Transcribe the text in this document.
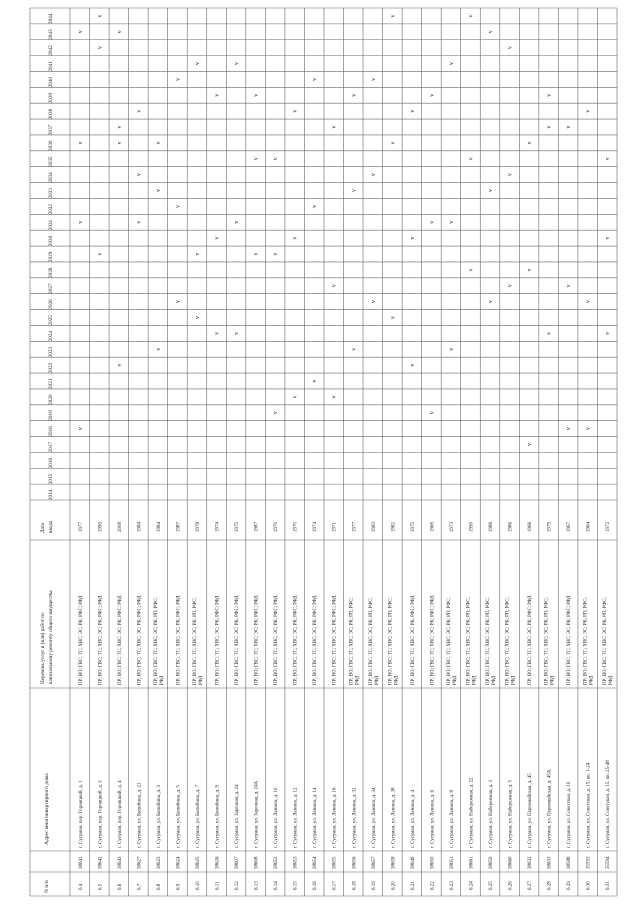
N п/п
Адрес многоквартирного дома
Перечень услуг и (или) работ по капитальному ремонту общего имущества
Дата ввода
2014
2015
2016
2017
2018
2019
2020
2021
2022
2023
2024
2025
2026
2027
2028
2029
2030
2031
2032
2033
2034
2035
2036
2037
2038
2039
2040
2041
2042
2043
2044
6.4
38641
г. Сусуман, пер. Горняцкий, д. 1
ПР; ВО; ГВС; ТС; ХВС; ЭС; РК; РФС; РФД
1977
v
v
v
v
6.5
38642
г. Сусуман, пер. Горняцкий, д. 3
ПР; ВО; ГВС; ТС; ХВС; ЭС; РК; РФС; РФД
1990
v
v
v
6.6
38643
г. Сусуман, пер. Горняцкий, д. 4
ПР; ВО; ГВС; ТС; ХВС; ЭС; РК; РФС; РФД
2008
v
v
v
v
6.7
38627
г. Сусуман, ул. Билибина, д. 21
ПР; ВО; ГВС; ТС; ХВС; ЭС; РК; РФС; РФД
1984
v
v
v
6.8
38623
г. Сусуман, ул. Билибина, д. 3
ПР; ВО; ГВС; ТС; ХВС; ЭС; РК; РП; РФС; РФД
1984
v
v
v
6.9
38624
г. Сусуман, ул. Билибина, д. 5
ПР; ВО; ГВС; ТС; ХВС; ЭС; РК; РФС; РФД
1987
v
v
v
6.10
38625
г. Сусуман, ул. Билибина, д. 7
ПР; ВО; ГВС; ТС; ХВС; ЭС; РК; РП; РФС; РФД
1978
v
v
v
6.11
38626
г. Сусуман, ул. Билибина, д. 9
ПР; ВО; ГВС; ТС; ХВС; ЭС; РК; РФС; РФД
1974
v
v
v
6.12
38607
г. Сусуман, ул. Заречная, д. 24
ПР; ВО; ГВС; ТС; ХВС; ЭС; РК; РФС; РФД
1975
v
v
v
6.13
38608
г. Сусуман, ул. Заречная, д. 24А
ПР; ВО; ГВС; ТС; ХВС; ЭС; РК; РФС; РФД
1987
v
v
v
6.14
38652
г. Сусуман, ул. Ленина, д. 10
ПР; ВО; ГВС; ТС; ХВС; ЭС; РК; РФС; РФД
1970
v
v
v
6.15
38653
г. Сусуман, ул. Ленина, д. 12
ПР; ВО; ГВС; ТС; ХВС; ЭС; РК; РФС; РФД
1970
v
v
v
6.16
38654
г. Сусуман, ул. Ленина, д. 14
ПР; ВО; ГВС; ТС; ХВС; ЭС; РК; РФС; РФД
1974
v
v
v
6.17
38655
г. Сусуман, ул. Ленина, д. 16
ПР; ВО; ГВС; ТС; ХВС; ЭС; РК; РФС; РФД
1971
v
v
v
6.18
38656
г. Сусуман, ул. Ленина, д. 32
ПР; ВО; ГВС; ТС; ХВС; ЭС; РК; РП; РФС; РФД
1977
v
v
v
6.19
38657
г. Сусуман, ул. Ленина, д. 34
ПР; ВО; ГВС; ТС; ХВС; ЭС; РК; РП; РФС; РФД
1983
v
v
v
6.20
38658
г. Сусуман, ул. Ленина, д. 38
ПР; ВО; ГВС; ТС; ХВС; ЭС; РК; РП; РФС; РФД
1982
v
v
v
6.21
38649
г. Сусуман, ул. Ленина, д. 4
ПР; ВО; ГВС; ТС; ХВС; ЭС; РК; РФС; РФД
1975
v
v
v
6.22
38650
г. Сусуман, ул. Ленина, д. 6
ПР; ВО; ГВС; ТС; ХВС; ЭС; РК; РФС; РФД
1969
v
v
v
6.23
38651
г. Сусуман, ул. Ленина, д. 8
ПР; ВО; ГВС; ТС; ХВС; ЭС; РК; РП; РФС; РФД
1973
v
v
v
6.24
38661
г. Сусуман, ул. Набережная, д. 22
ПР; ВО; ГВС; ТС; ХВС; ЭС; РК; РП; РФС; РФД
1990
v
v
v
6.25
38659
г. Сусуман, ул. Набережная, д. 3
ПР; ВО; ГВС; ТС; ХВС; ЭС; РК; РП; РФС; РФД
1986
v
v
v
6.26
38660
г. Сусуман, ул. Набережная, д. 5
ПР; ВО; ГВС; ТС; ХВС; ЭС; РК; РП; РФС; РФД
1986
v
v
v
6.27
38632
г. Сусуман, ул. Первомайская, д. 45
ПР; ВО; ГВС; ТС; ХВС; ЭС; РК; РФС; РФД
1966
v
v
v
6.28
38633
г. Сусуман, ул. Первомайская, д. 45А
ПР; ВО; ГВС; ТС; ХВС; ЭС; РК; РП; РФС; РФД
1979
v
v
v
6.29
38588
г. Сусуман, ул. Советская, д. 10
ПР; ВО; ГВС; ТС; ХВС; ЭС; РК; РФС; РФД
1967
v
v
v
6.30
35593
г. Сусуман, ул. Советская, д. 15, кв. 1-24
ПР; ВО; ГВС; ТС; ХВС; ЭС; РК; РП; РФС; РФД
1964
v
v
v
6.31
35594
г. Сусуман, ул. Советская, д. 15, кв. 25-48
ПР; ВО; ГВС; ТС; ХВС; ЭС; РК; РП; РФС; РФД
1972
v
v
v
